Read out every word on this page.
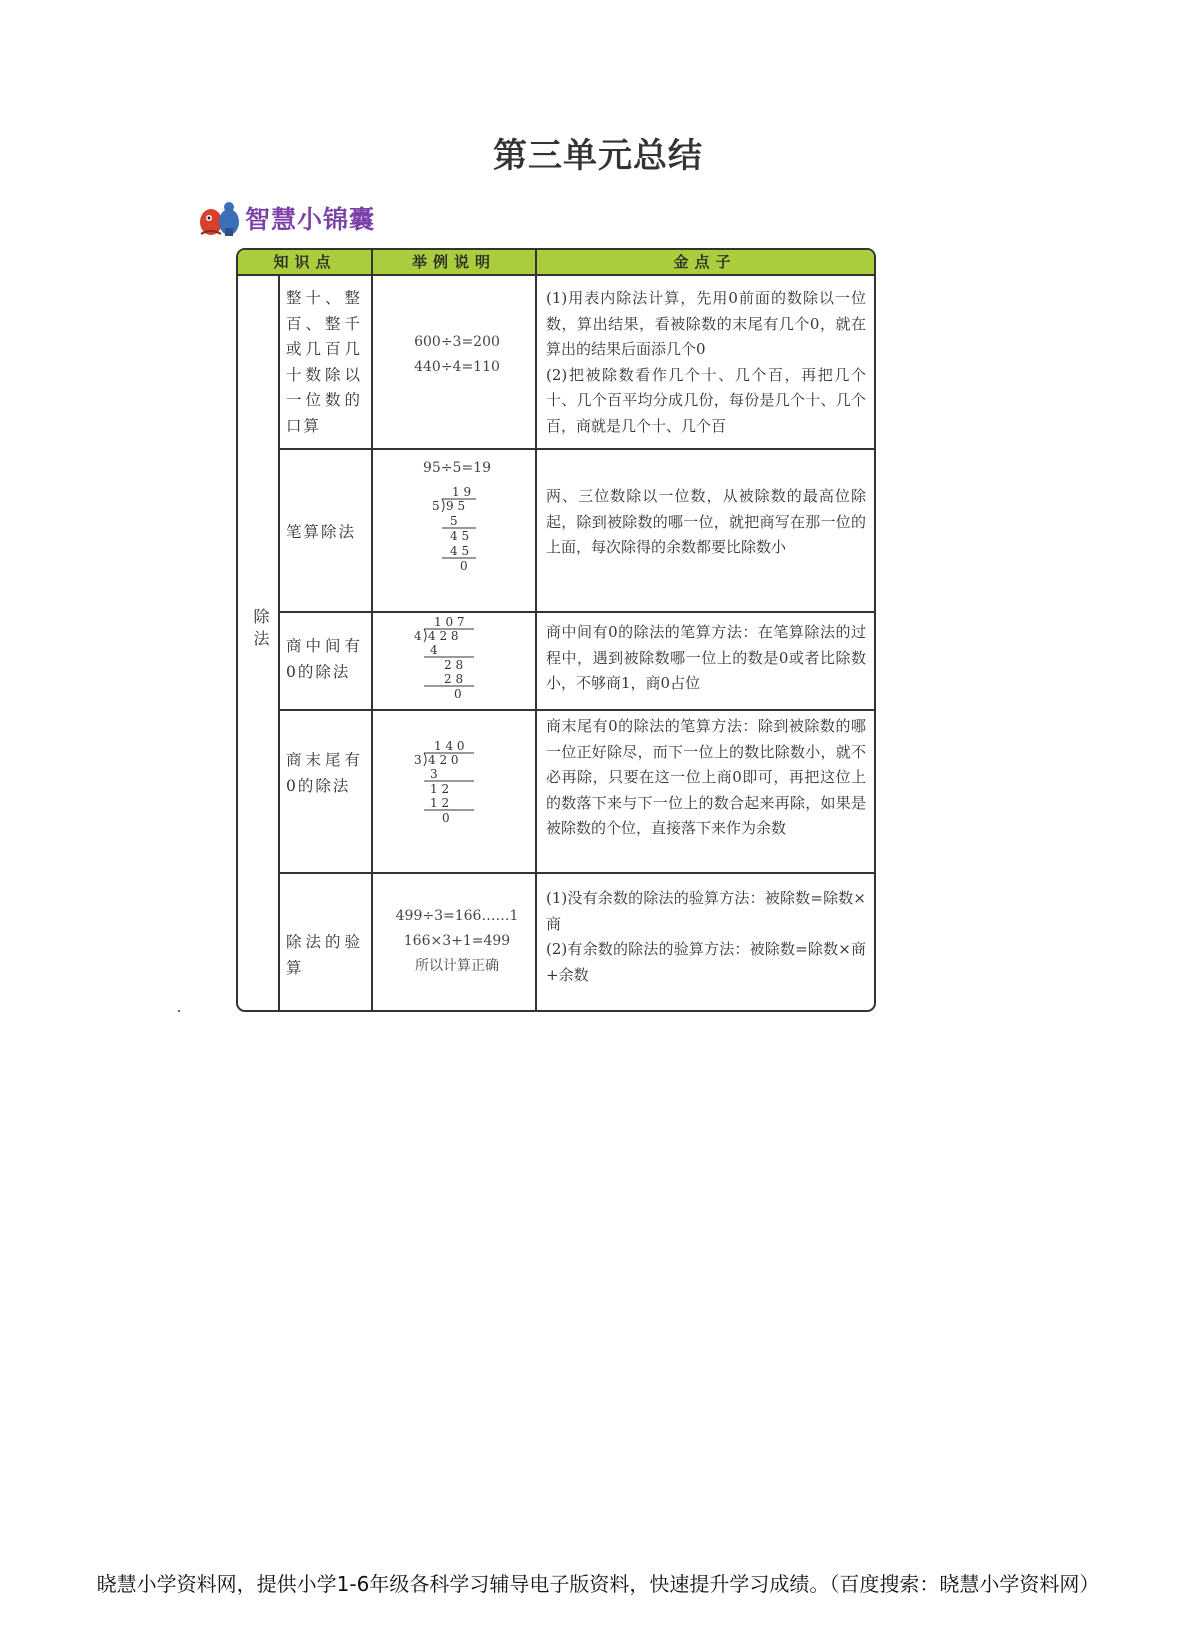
第三单元总结
智慧小锦囊
知识点	举例说明	金点子
除法
整十、整百、整千或几百几十数除以一位数的口算
600÷3=200
440÷4=110
(1)用表内除法计算，先用0前面的数除以一位数，算出结果，看被除数的末尾有几个0，就在算出的结果后面添几个0
(2)把被除数看作几个十、几个百，再把几个十、几个百平均分成几份，每份是几个十、几个百，商就是几个十、几个百
笔算除法
95÷5=19
1 9
5 9 5
5
4 5
4 5
0
两、三位数除以一位数，从被除数的最高位除起，除到被除数的哪一位，就把商写在那一位的上面，每次除得的余数都要比除数小
商中间有0的除法
1 0 7
4 4 2 8
4
2 8
2 8
0
商中间有0的除法的笔算方法：在笔算除法的过程中，遇到被除数哪一位上的数是0或者比除数小，不够商1，商0占位
商末尾有0的除法
1 4 0
3 4 2 0
3
1 2
1 2
0
商末尾有0的除法的笔算方法：除到被除数的哪一位正好除尽，而下一位上的数比除数小，就不必再除，只要在这一位上商0即可，再把这位上的数落下来与下一位上的数合起来再除，如果是被除数的个位，直接落下来作为余数
除法的验算
499÷3=166……1
166×3+1=499
所以计算正确
(1)没有余数的除法的验算方法：被除数=除数×商
(2)有余数的除法的验算方法：被除数=除数×商+余数
晓慧小学资料网，提供小学1-6年级各科学习辅导电子版资料，快速提升学习成绩。（百度搜索：晓慧小学资料网）
